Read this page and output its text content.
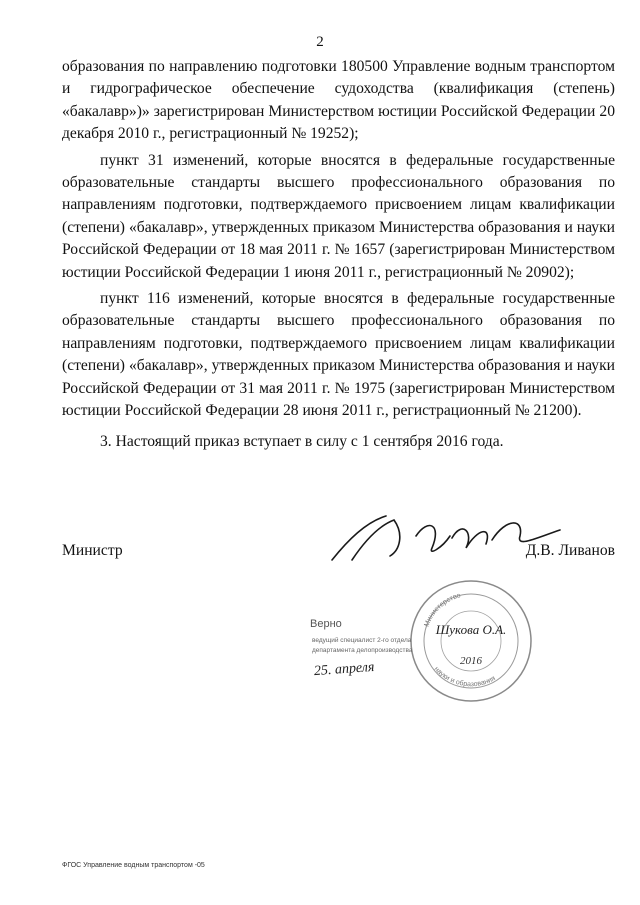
2

образования по направлению подготовки 180500 Управление водным транспортом и гидрографическое обеспечение судоходства (квалификация (степень) «бакалавр»)» зарегистрирован Министерством юстиции Российской Федерации 20 декабря 2010 г., регистрационный № 19252);

пункт 31 изменений, которые вносятся в федеральные государственные образовательные стандарты высшего профессионального образования по направлениям подготовки, подтверждаемого присвоением лицам квалификации (степени) «бакалавр», утвержденных приказом Министерства образования и науки Российской Федерации от 18 мая 2011 г. № 1657 (зарегистрирован Министерством юстиции Российской Федерации 1 июня 2011 г., регистрационный № 20902);

пункт 116 изменений, которые вносятся в федеральные государственные образовательные стандарты высшего профессионального образования по направлениям подготовки, подтверждаемого присвоением лицам квалификации (степени) «бакалавр», утвержденных приказом Министерства образования и науки Российской Федерации от 31 мая 2011 г. № 1975 (зарегистрирован Министерством юстиции Российской Федерации 28 июня 2011 г., регистрационный № 21200).

3. Настоящий приказ вступает в силу с 1 сентября 2016 года.

Министр	Д.В. Ливанов
Министерство
науки и образования
2016
Шукова О.А.
Верно
ведущий специалист 2-го отдела
департамента делопроизводства
25. апреля
ФГОС Управление водным транспортом -05
